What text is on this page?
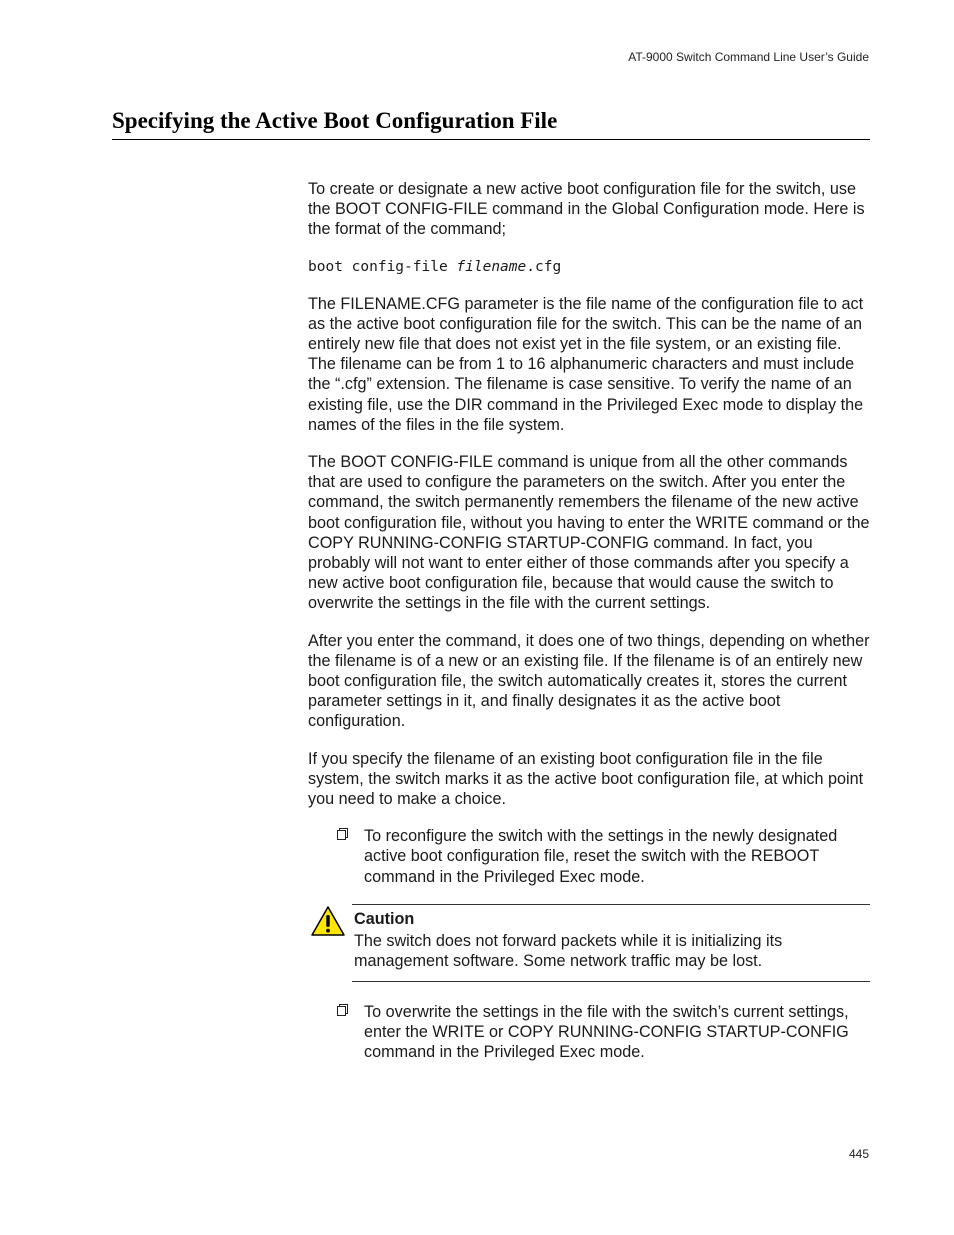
AT-9000 Switch Command Line User’s Guide
Specifying the Active Boot Configuration File

To create or designate a new active boot configuration file for the switch, use the BOOT CONFIG-FILE command in the Global Configuration mode. Here is the format of the command;

boot config-file filename.cfg

The FILENAME.CFG parameter is the file name of the configuration file to act as the active boot configuration file for the switch. This can be the name of an entirely new file that does not exist yet in the file system, or an existing file. The filename can be from 1 to 16 alphanumeric characters and must include the “.cfg” extension. The filename is case sensitive. To verify the name of an existing file, use the DIR command in the Privileged Exec mode to display the names of the files in the file system.

The BOOT CONFIG-FILE command is unique from all the other commands that are used to configure the parameters on the switch. After you enter the command, the switch permanently remembers the filename of the new active boot configuration file, without you having to enter the WRITE command or the COPY RUNNING-CONFIG STARTUP-CONFIG command. In fact, you probably will not want to enter either of those commands after you specify a new active boot configuration file, because that would cause the switch to overwrite the settings in the file with the current settings.

After you enter the command, it does one of two things, depending on whether the filename is of a new or an existing file. If the filename is of an entirely new boot configuration file, the switch automatically creates it, stores the current parameter settings in it, and finally designates it as the active boot configuration.

If you specify the filename of an existing boot configuration file in the file system, the switch marks it as the active boot configuration file, at which point you need to make a choice.

To reconfigure the switch with the settings in the newly designated active boot configuration file, reset the switch with the REBOOT command in the Privileged Exec mode.
Caution
The switch does not forward packets while it is initializing its management software. Some network traffic may be lost.
To overwrite the settings in the file with the switch’s current settings, enter the WRITE or COPY RUNNING-CONFIG STARTUP-CONFIG command in the Privileged Exec mode.
445
